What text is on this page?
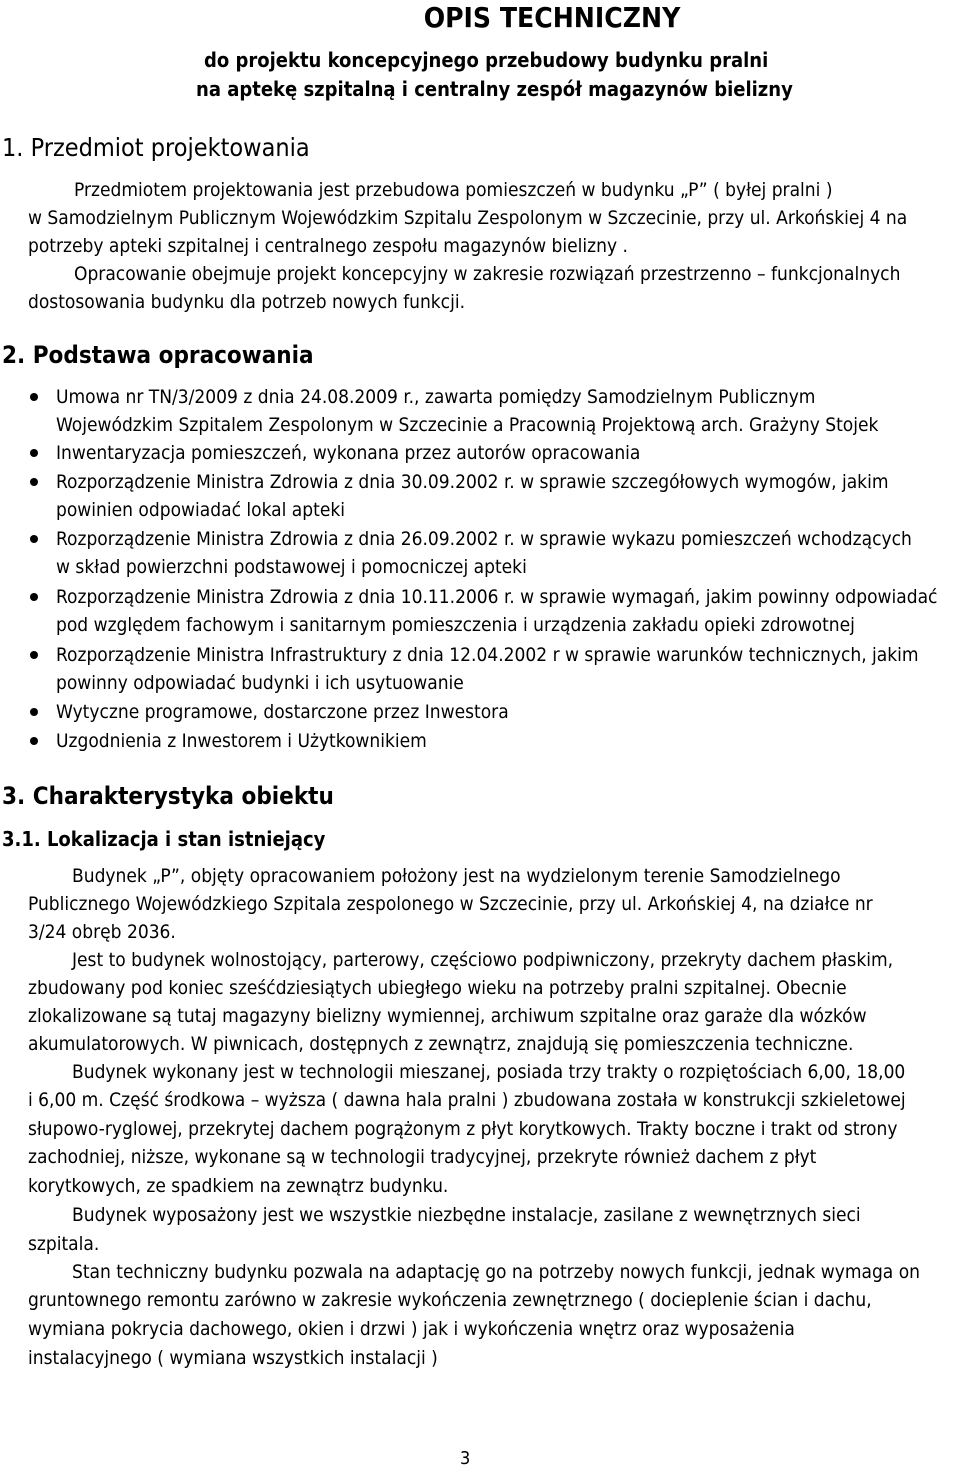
OPIS TECHNICZNY
do projektu koncepcyjnego przebudowy budynku pralni
na aptekę szpitalną i centralny zespół magazynów bielizny
1. Przedmiot projektowania
Przedmiotem projektowania jest przebudowa pomieszczeń w budynku „P” ( byłej pralni )
w Samodzielnym Publicznym Wojewódzkim Szpitalu Zespolonym w Szczecinie, przy ul. Arkońskiej 4 na
potrzeby apteki szpitalnej i centralnego zespołu magazynów bielizny .
Opracowanie obejmuje projekt koncepcyjny w zakresie rozwiązań przestrzenno – funkcjonalnych
dostosowania budynku dla potrzeb nowych funkcji.
2. Podstawa opracowania
Umowa nr TN/3/2009 z dnia 24.08.2009 r., zawarta pomiędzy Samodzielnym Publicznym
Wojewódzkim Szpitalem Zespolonym w Szczecinie a Pracownią Projektową arch. Grażyny Stojek
Inwentaryzacja pomieszczeń, wykonana przez autorów opracowania
Rozporządzenie Ministra Zdrowia z dnia 30.09.2002 r. w sprawie szczegółowych wymogów, jakim
powinien odpowiadać lokal apteki
Rozporządzenie Ministra Zdrowia z dnia 26.09.2002 r. w sprawie wykazu pomieszczeń wchodzących
w skład powierzchni podstawowej i pomocniczej apteki
Rozporządzenie Ministra Zdrowia z dnia 10.11.2006 r. w sprawie wymagań, jakim powinny odpowiadać
pod względem fachowym i sanitarnym pomieszczenia i urządzenia zakładu opieki zdrowotnej
Rozporządzenie Ministra Infrastruktury z dnia 12.04.2002 r w sprawie warunków technicznych, jakim
powinny odpowiadać budynki i ich usytuowanie
Wytyczne programowe, dostarczone przez Inwestora
Uzgodnienia z Inwestorem i Użytkownikiem
3. Charakterystyka obiektu
3.1. Lokalizacja i stan istniejący
Budynek „P”, objęty opracowaniem położony jest na wydzielonym terenie Samodzielnego
Publicznego Wojewódzkiego Szpitala zespolonego w Szczecinie, przy ul. Arkońskiej 4, na działce nr
3/24 obręb 2036.
Jest to budynek wolnostojący, parterowy, częściowo podpiwniczony, przekryty dachem płaskim,
zbudowany pod koniec sześćdziesiątych ubiegłego wieku na potrzeby pralni szpitalnej. Obecnie
zlokalizowane są tutaj magazyny bielizny wymiennej, archiwum szpitalne oraz garaże dla wózków
akumulatorowych. W piwnicach, dostępnych z zewnątrz, znajdują się pomieszczenia techniczne.
Budynek wykonany jest w technologii mieszanej, posiada trzy trakty o rozpiętościach 6,00, 18,00
i 6,00 m. Część środkowa – wyższa ( dawna hala pralni ) zbudowana została w konstrukcji szkieletowej
słupowo-ryglowej, przekrytej dachem pogrążonym z płyt korytkowych. Trakty boczne i trakt od strony
zachodniej, niższe, wykonane są w technologii tradycyjnej, przekryte również dachem z płyt
korytkowych, ze spadkiem na zewnątrz budynku.
Budynek wyposażony jest we wszystkie niezbędne instalacje, zasilane z wewnętrznych sieci
szpitala.
Stan techniczny budynku pozwala na adaptację go na potrzeby nowych funkcji, jednak wymaga on
gruntownego remontu zarówno w zakresie wykończenia zewnętrznego ( docieplenie ścian i dachu,
wymiana pokrycia dachowego, okien i drzwi ) jak i wykończenia wnętrz oraz wyposażenia
instalacyjnego ( wymiana wszystkich instalacji )
3
